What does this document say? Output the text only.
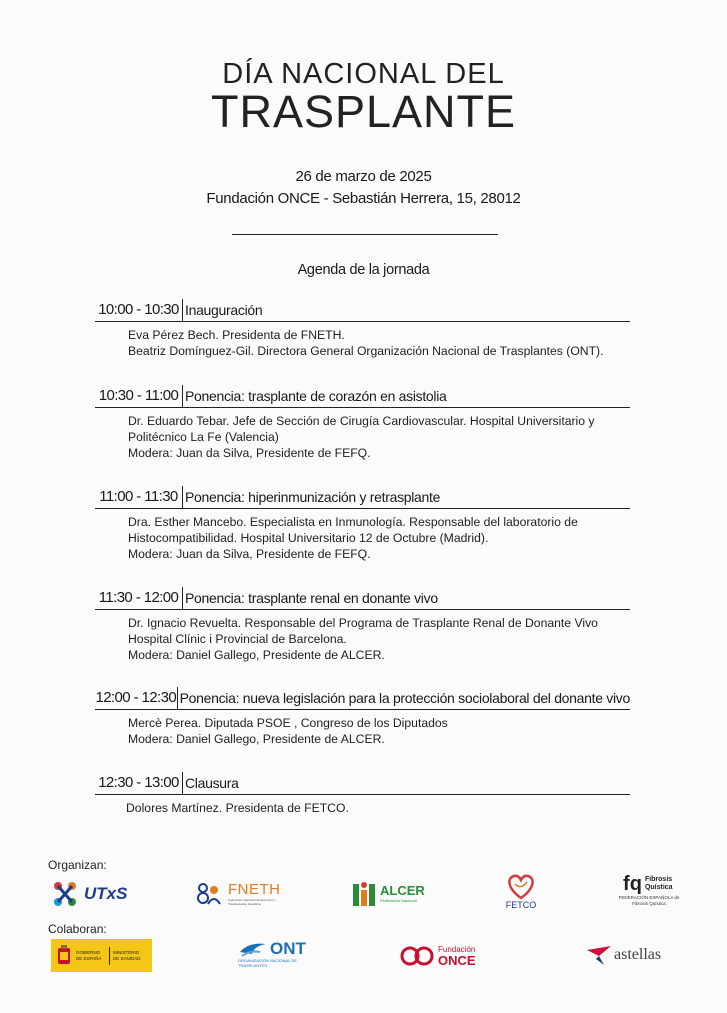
DÍA NACIONAL DEL
TRASPLANTE
26 de marzo de 2025
Fundación ONCE - Sebastián Herrera, 15, 28012
Agenda de la jornada
10:00 - 10:30 Inauguración
Eva Pérez Bech. Presidenta de FNETH.
Beatriz Domínguez-Gil. Directora General Organización Nacional de Trasplantes (ONT).
10:30 - 11:00 Ponencia: trasplante de corazón en asistolia
Dr. Eduardo Tebar. Jefe de Sección de Cirugía Cardiovascular. Hospital Universitario y
Politécnico La Fe (Valencia)
Modera: Juan da Silva, Presidente de FEFQ.
11:00 - 11:30 Ponencia: hiperinmunización y retrasplante
Dra. Esther Mancebo. Especialista en Inmunología. Responsable del laboratorio de
Histocompatibilidad. Hospital Universitario 12 de Octubre (Madrid).
Modera: Juan da Silva, Presidente de FEFQ.
11:30 - 12:00 Ponencia: trasplante renal en donante vivo
Dr. Ignacio Revuelta. Responsable del Programa de Trasplante Renal de Donante Vivo
Hospital Clínic i Provincial de Barcelona.
Modera: Daniel Gallego, Presidente de ALCER.
12:00 - 12:30 Ponencia: nueva legislación para la protección sociolaboral del donante vivo
Mercè Perea. Diputada PSOE , Congreso de los Diputados
Modera: Daniel Gallego, Presidente de ALCER.
12:30 - 13:00 Clausura
Dolores Martínez. Presidenta de FETCO.
Organizan:
UTxS	FNETH
Federación Nacional de Enfermos y Trasplantados Hepáticos
ALCER
Federación Nacional	FETCO
fq Fibrosis Quística
FEDERACIÓN ESPAÑOLA de Fibrosis Quística
Colaboran:
GOBIERNO DE ESPAÑA
MINISTERIO DE SANIDAD	ONT
ORGANIZACIÓN NACIONAL DE TRASPLANTES
Fundación
ONCE	astellas
